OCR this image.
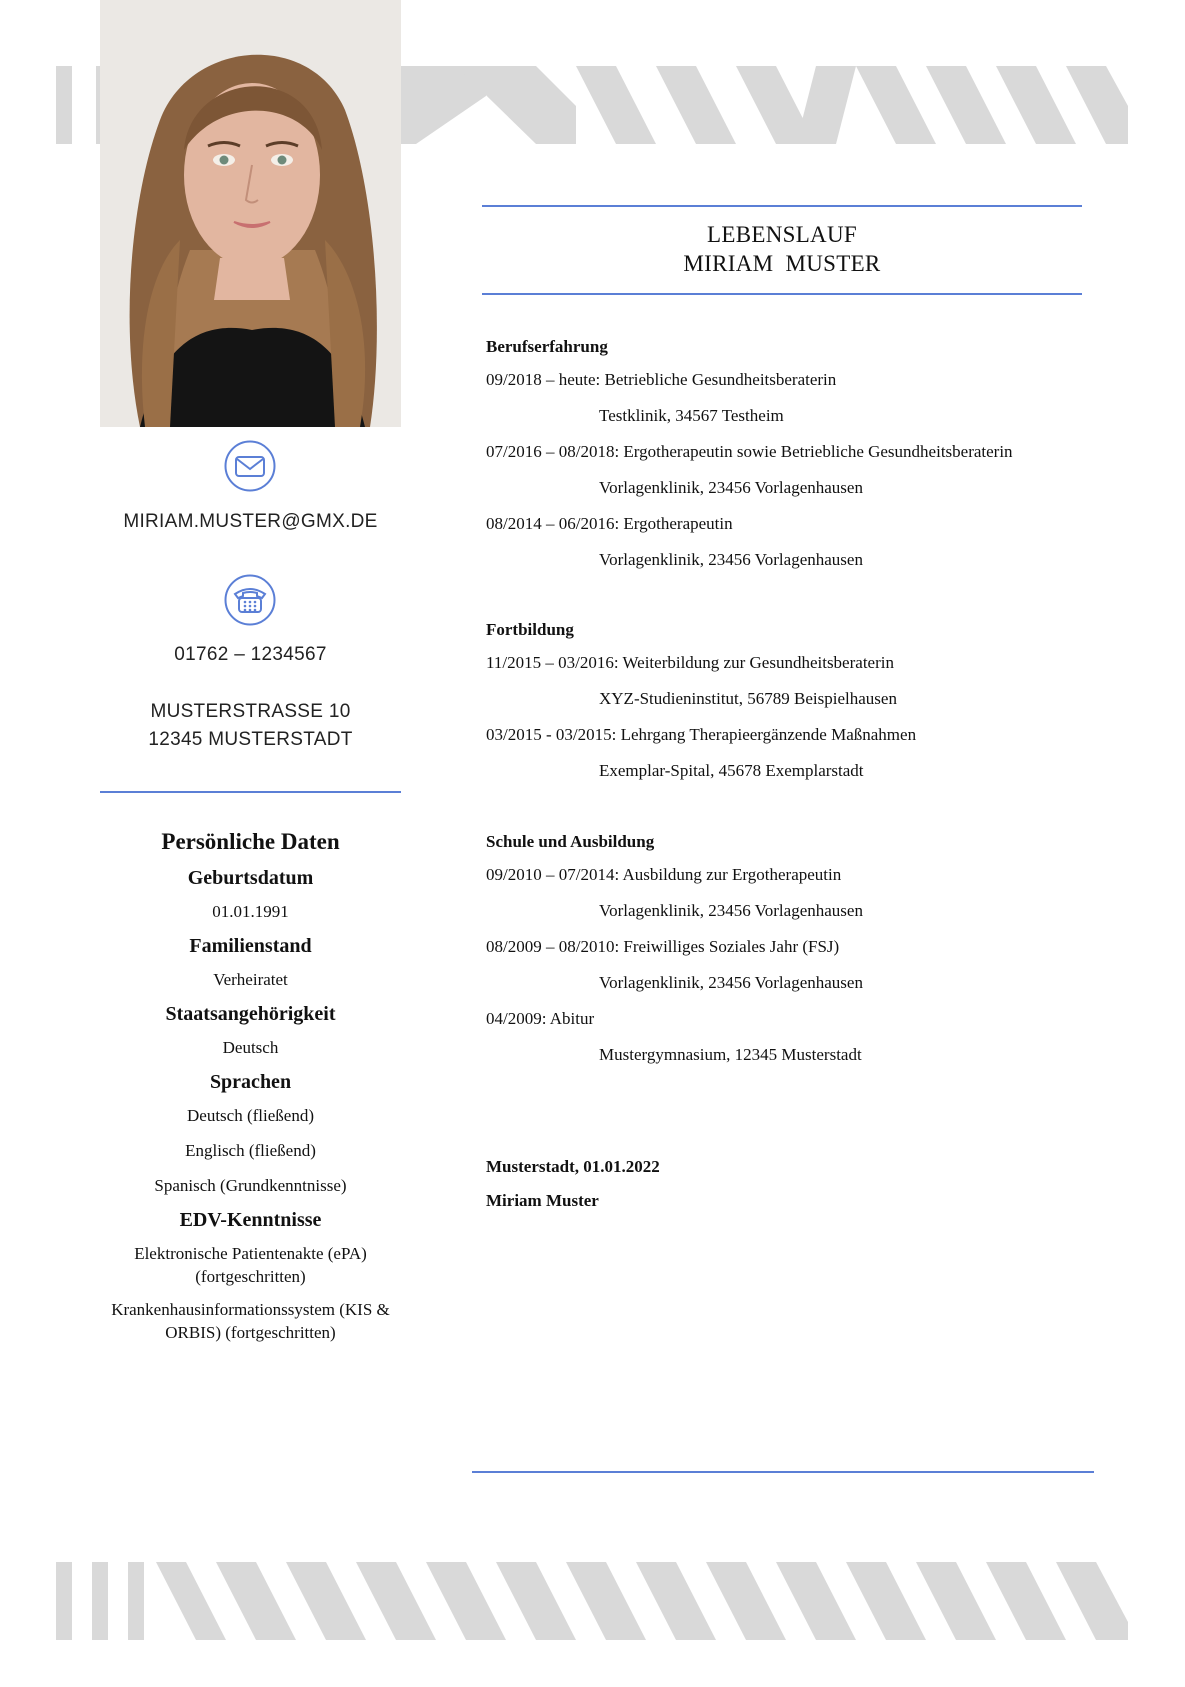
MIRIAM.MUSTER@GMX.DE
01762 – 1234567
MUSTERSTRASSE 10
12345 MUSTERSTADT
Persönliche Daten
Geburtsdatum

01.01.1991

Familienstand

Verheiratet

Staatsangehörigkeit

Deutsch

Sprachen

Deutsch (fließend)

Englisch (fließend)

Spanisch (Grundkenntnisse)

EDV-Kenntnisse

Elektronische Patientenakte (ePA) (fortgeschritten)

Krankenhausinformationssystem (KIS & ORBIS) (fortgeschritten)

LEBENSLAUF
MIRIAM  MUSTER
Berufserfahrung

09/2018 – heute: Betriebliche Gesundheitsberaterin

Testklinik, 34567 Testheim

07/2016 – 08/2018: Ergotherapeutin sowie Betriebliche Gesundheitsberaterin

Vorlagenklinik, 23456 Vorlagenhausen

08/2014 – 06/2016: Ergotherapeutin

Vorlagenklinik, 23456 Vorlagenhausen

Fortbildung

11/2015 – 03/2016: Weiterbildung zur Gesundheitsberaterin

XYZ-Studieninstitut, 56789 Beispielhausen

03/2015 - 03/2015: Lehrgang Therapieergänzende Maßnahmen

Exemplar-Spital, 45678 Exemplarstadt

Schule und Ausbildung

09/2010 – 07/2014: Ausbildung zur Ergotherapeutin

Vorlagenklinik, 23456 Vorlagenhausen

08/2009 – 08/2010: Freiwilliges Soziales Jahr (FSJ)

Vorlagenklinik, 23456 Vorlagenhausen

04/2009: Abitur

Mustergymnasium, 12345 Musterstadt

Musterstadt, 01.01.2022
Miriam Muster
